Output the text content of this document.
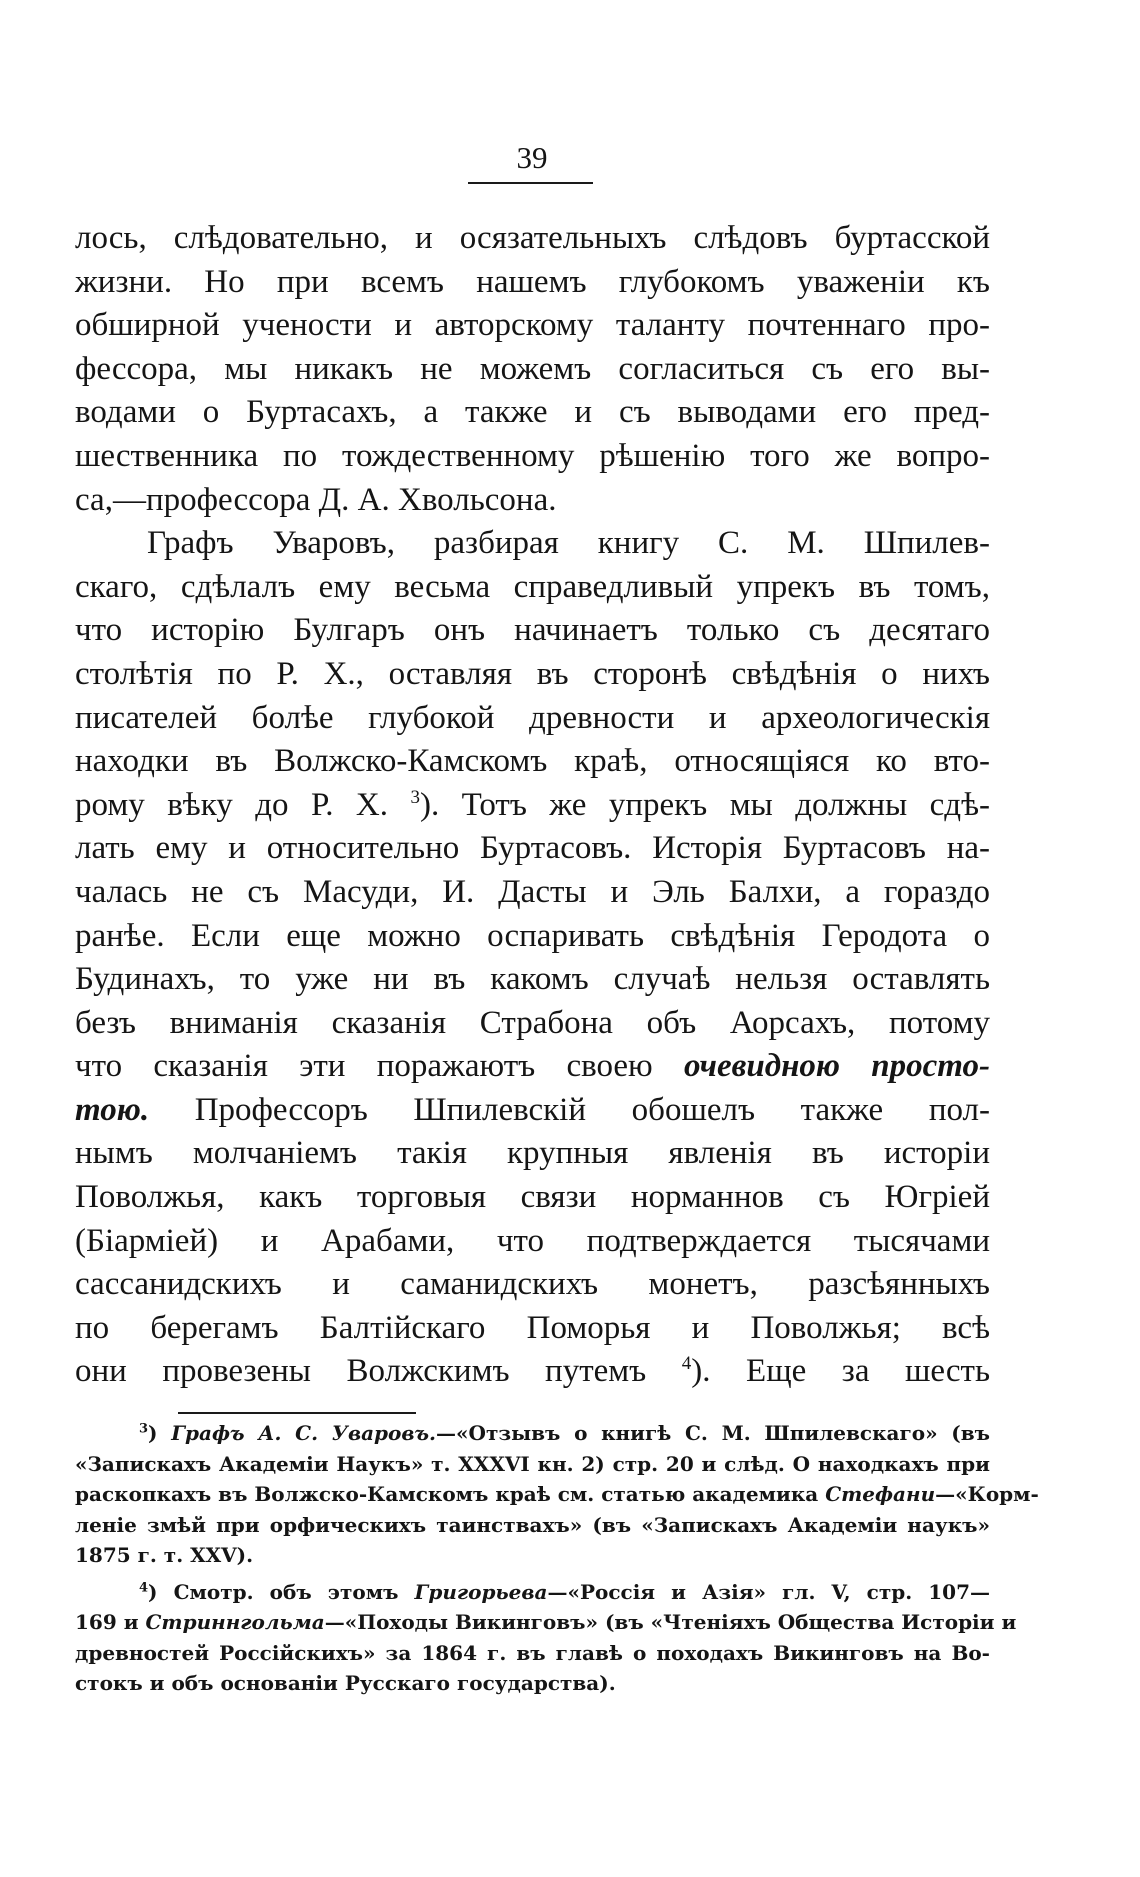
39
лось, слѣдовательно, и осязательныхъ слѣдовъ буртасской
жизни. Но при всемъ нашемъ глубокомъ уваженіи къ
обширной учености и авторскому таланту почтеннаго про-
фессора, мы никакъ не можемъ согласиться съ его вы-
водами о Буртасахъ, а также и съ выводами его пред-
шественника по тождественному рѣшенію того же вопро-
са,—профессора Д. А. Хвольсона.
Графъ Уваровъ, разбирая книгу С. М. Шпилев-
скаго, сдѣлалъ ему весьма справедливый упрекъ въ томъ,
что исторію Булгаръ онъ начинаетъ только съ десятаго
столѣтія по Р. Х., оставляя въ сторонѣ свѣдѣнія о нихъ
писателей болѣе глубокой древности и археологическія
находки въ Волжско-Камскомъ краѣ, относящіяся ко вто-
рому вѣку до Р. Х. $^3$). Тотъ же упрекъ мы должны сдѣ-
лать ему и относительно Буртасовъ. Исторія Буртасовъ на-
чалась не съ Масуди, И. Дасты и Эль Балхи, а гораздо
ранѣе. Если еще можно оспаривать свѣдѣнія Геродота о
Будинахъ, то уже ни въ какомъ случаѣ нельзя оставлять
безъ вниманія сказанія Страбона объ Аорсахъ, потому
что сказанія эти поражаютъ своею очевидною просто-
тою. Профессоръ Шпилевскій обошелъ также пол-
нымъ молчаніемъ такія крупныя явленія въ исторіи
Поволжья, какъ торговыя связи норманнов съ Югріей
(Біарміей) и Арабами, что подтверждается тысячами
сассанидскихъ и саманидскихъ монетъ, разсѣянныхъ
по берегамъ Балтійскаго Поморья и Поволжья; всѣ
они провезены Волжскимъ путемъ $^4$). Еще за шесть
$^3$) Графъ А. С. Уваровъ.—«Отзывъ о книгѣ С. М. Шпилевскаго» (въ
«Запискахъ Академіи Наукъ» т. XXXVI кн. 2) стр. 20 и слѣд. О находкахъ при
раскопкахъ въ Волжско-Камскомъ краѣ см. статью академика Стефани—«Корм-
леніе змѣй при орфическихъ таинствахъ» (въ «Запискахъ Академіи наукъ»
1875 г. т. XXV).
$^4$) Смотр. объ этомъ Григорьева—«Россія и Азія» гл. V, стр. 107—
169 и Стриннгольма—«Походы Викинговъ» (въ «Чтеніяхъ Общества Исторіи и
древностей Россійскихъ» за 1864 г. въ главѣ о походахъ Викинговъ на Во-
стокъ и объ основаніи Русскаго государства).
